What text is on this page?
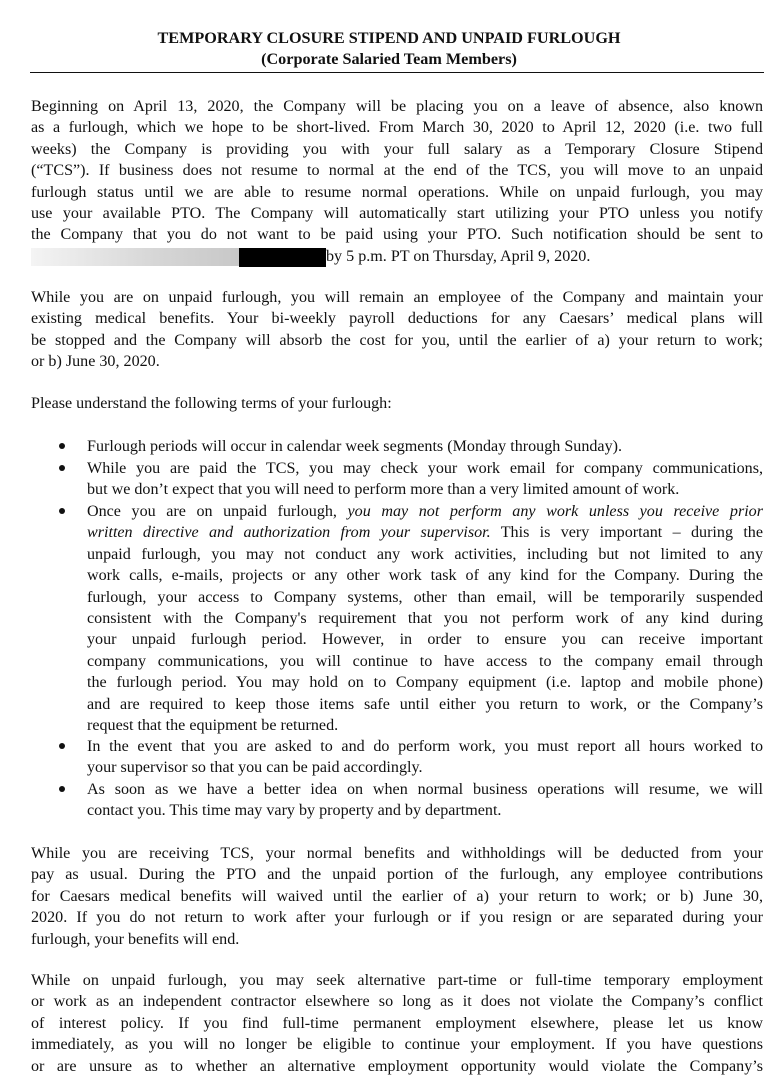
TEMPORARY CLOSURE STIPEND AND UNPAID FURLOUGH
(Corporate Salaried Team Members)
Beginning on April 13, 2020, the Company will be placing you on a leave of absence, also known
as a furlough, which we hope to be short-lived. From March 30, 2020 to April 12, 2020 (i.e. two full
weeks) the Company is providing you with your full salary as a Temporary Closure Stipend
(“TCS”). If business does not resume to normal at the end of the TCS, you will move to an unpaid
furlough status until we are able to resume normal operations. While on unpaid furlough, you may
use your available PTO. The Company will automatically start utilizing your PTO unless you notify
the Company that you do not want to be paid using your PTO. Such notification should be sent to
by 5 p.m. PT on Thursday, April 9, 2020.
While you are on unpaid furlough, you will remain an employee of the Company and maintain your
existing medical benefits. Your bi-weekly payroll deductions for any Caesars’ medical plans will
be stopped and the Company will absorb the cost for you, until the earlier of a) your return to work;
or b) June 30, 2020.
Please understand the following terms of your furlough:
Furlough periods will occur in calendar week segments (Monday through Sunday).
While you are paid the TCS, you may check your work email for company communications,
but we don’t expect that you will need to perform more than a very limited amount of work.
Once you are on unpaid furlough, you may not perform any work unless you receive prior
written directive and authorization from your supervisor. This is very important – during the
unpaid furlough, you may not conduct any work activities, including but not limited to any
work calls, e-mails, projects or any other work task of any kind for the Company. During the
furlough, your access to Company systems, other than email, will be temporarily suspended
consistent with the Company's requirement that you not perform work of any kind during
your unpaid furlough period. However, in order to ensure you can receive important
company communications, you will continue to have access to the company email through
the furlough period. You may hold on to Company equipment (i.e. laptop and mobile phone)
and are required to keep those items safe until either you return to work, or the Company’s
request that the equipment be returned.
In the event that you are asked to and do perform work, you must report all hours worked to
your supervisor so that you can be paid accordingly.
As soon as we have a better idea on when normal business operations will resume, we will
contact you. This time may vary by property and by department.
While you are receiving TCS, your normal benefits and withholdings will be deducted from your
pay as usual. During the PTO and the unpaid portion of the furlough, any employee contributions
for Caesars medical benefits will waived until the earlier of a) your return to work; or b) June 30,
2020. If you do not return to work after your furlough or if you resign or are separated during your
furlough, your benefits will end.
While on unpaid furlough, you may seek alternative part-time or full-time temporary employment
or work as an independent contractor elsewhere so long as it does not violate the Company’s conflict
of interest policy. If you find full-time permanent employment elsewhere, please let us know
immediately, as you will no longer be eligible to continue your employment. If you have questions
or are unsure as to whether an alternative employment opportunity would violate the Company’s
